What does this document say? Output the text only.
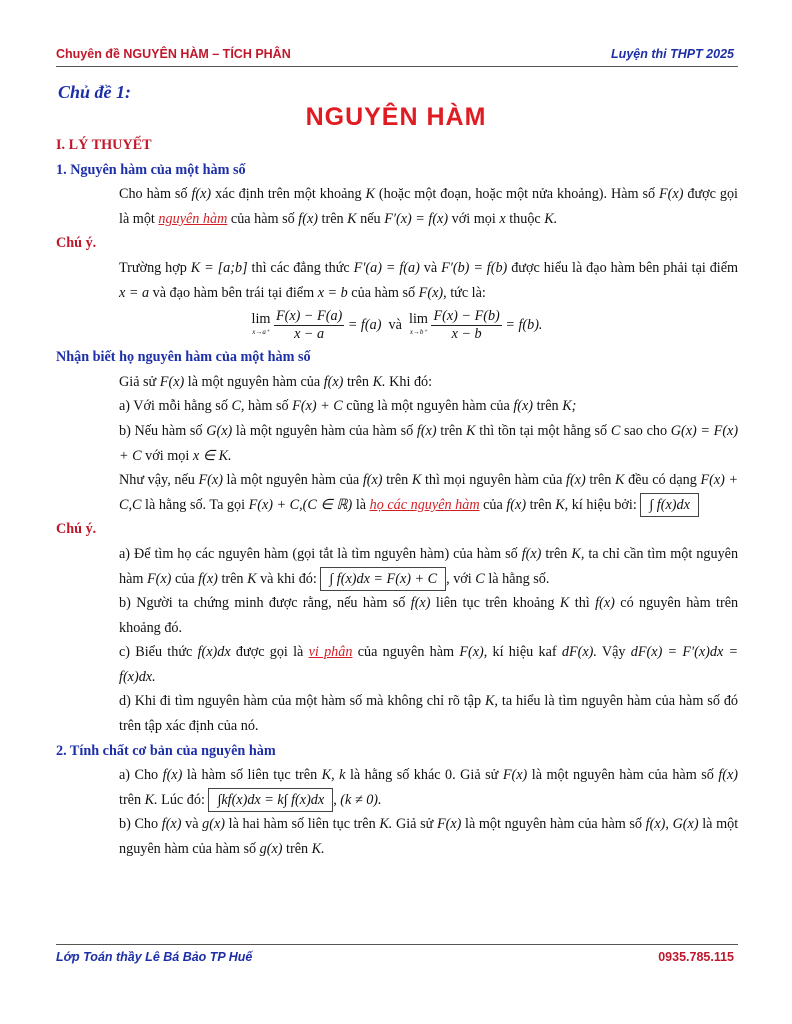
Chuyên đề NGUYÊN HÀM – TÍCH PHÂN	Luyện thi THPT 2025
Chủ đề 1:
NGUYÊN HÀM
I. LÝ THUYẾT
1. Nguyên hàm của một hàm số
Cho hàm số f(x) xác định trên một khoảng K (hoặc một đoạn, hoặc một nửa khoảng). Hàm số F(x) được gọi là một nguyên hàm của hàm số f(x) trên K nếu F′(x) = f(x) với mọi x thuộc K.
Chú ý.
Trường hợp K = [a;b] thì các đẳng thức F′(a) = f(a) và F′(b) = f(b) được hiểu là đạo hàm bên phải tại điểm x = a và đạo hàm bên trái tại điểm x = b của hàm số F(x), tức là:
lim
x→a⁺
$\frac{F(x) - F(a)}{x - a} = f(a)$ và lim
x→b⁺
$\frac{F(x) - F(b)}{x - b} = f(b)$.
Nhận biết họ nguyên hàm của một hàm số
Giả sử F(x) là một nguyên hàm của f(x) trên K. Khi đó:
a) Với mỗi hằng số C, hàm số F(x) + C cũng là một nguyên hàm của f(x) trên K;
b) Nếu hàm số G(x) là một nguyên hàm của hàm số f(x) trên K thì tồn tại một hằng số C sao cho G(x) = F(x) + C với mọi x ∈ K.
Như vậy, nếu F(x) là một nguyên hàm của f(x) trên K thì mọi nguyên hàm của f(x) trên K đều có dạng F(x) + C,C là hằng số. Ta gọi F(x) + C,(C ∈ ℝ) là họ các nguyên hàm của f(x) trên K, kí hiệu bởi: ∫ f(x)dx
Chú ý.
a) Để tìm họ các nguyên hàm (gọi tắt là tìm nguyên hàm) của hàm số f(x) trên K, ta chỉ cần tìm một nguyên hàm F(x) của f(x) trên K và khi đó: ∫ f(x)dx = F(x) + C , với C là hằng số.
b) Người ta chứng minh được rằng, nếu hàm số f(x) liên tục trên khoảng K thì f(x) có nguyên hàm trên khoảng đó.
c) Biểu thức f(x)dx được gọi là vi phân của nguyên hàm F(x), kí hiệu kaf dF(x). Vậy dF(x) = F′(x)dx = f(x)dx.
d) Khi đi tìm nguyên hàm của một hàm số mà không chỉ rõ tập K, ta hiểu là tìm nguyên hàm của hàm số đó trên tập xác định của nó.
2. Tính chất cơ bản của nguyên hàm
a) Cho f(x) là hàm số liên tục trên K, k là hằng số khác 0. Giả sử F(x) là một nguyên hàm của hàm số f(x) trên K. Lúc đó: ∫kf(x)dx = k∫ f(x)dx , (k ≠ 0).
b) Cho f(x) và g(x) là hai hàm số liên tục trên K. Giả sử F(x) là một nguyên hàm của hàm số f(x), G(x) là một nguyên hàm của hàm số g(x) trên K.
Lớp Toán thầy Lê Bá Bảo TP Huế	0935.785.115
